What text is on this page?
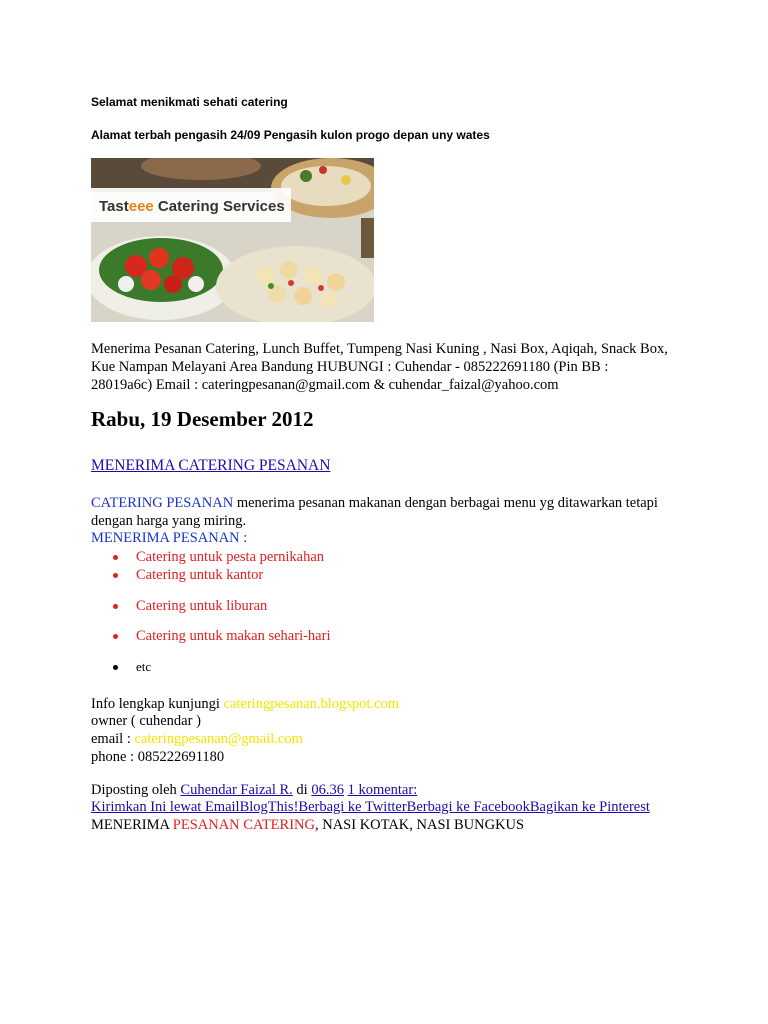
Selamat menikmati sehati catering
Alamat terbah pengasih 24/09 Pengasih kulon progo depan uny wates
Tasteee Catering Services
Menerima Pesanan Catering, Lunch Buffet, Tumpeng Nasi Kuning , Nasi Box, Aqiqah, Snack Box, Kue Nampan Melayani Area Bandung HUBUNGI : Cuhendar - 085222691180 (Pin BB : 28019a6c) Email : cateringpesanan@gmail.com & cuhendar_faizal@yahoo.com
Rabu, 19 Desember 2012
MENERIMA CATERING PESANAN
CATERING PESANAN menerima pesanan makanan dengan berbagai menu yg ditawarkan tetapi dengan harga yang miring.
MENERIMA PESANAN :
Catering untuk pesta pernikahan
Catering untuk kantor
Catering untuk liburan
Catering untuk makan sehari-hari
etc
Info lengkap kunjungi cateringpesanan.blogspot.com
owner ( cuhendar )
email : cateringpesanan@gmail.com
phone : 085222691180
Diposting oleh Cuhendar Faizal R. di 06.36 1 komentar:
Kirimkan Ini lewat EmailBlogThis!Berbagi ke TwitterBerbagi ke FacebookBagikan ke Pinterest
MENERIMA PESANAN CATERING, NASI KOTAK, NASI BUNGKUS
